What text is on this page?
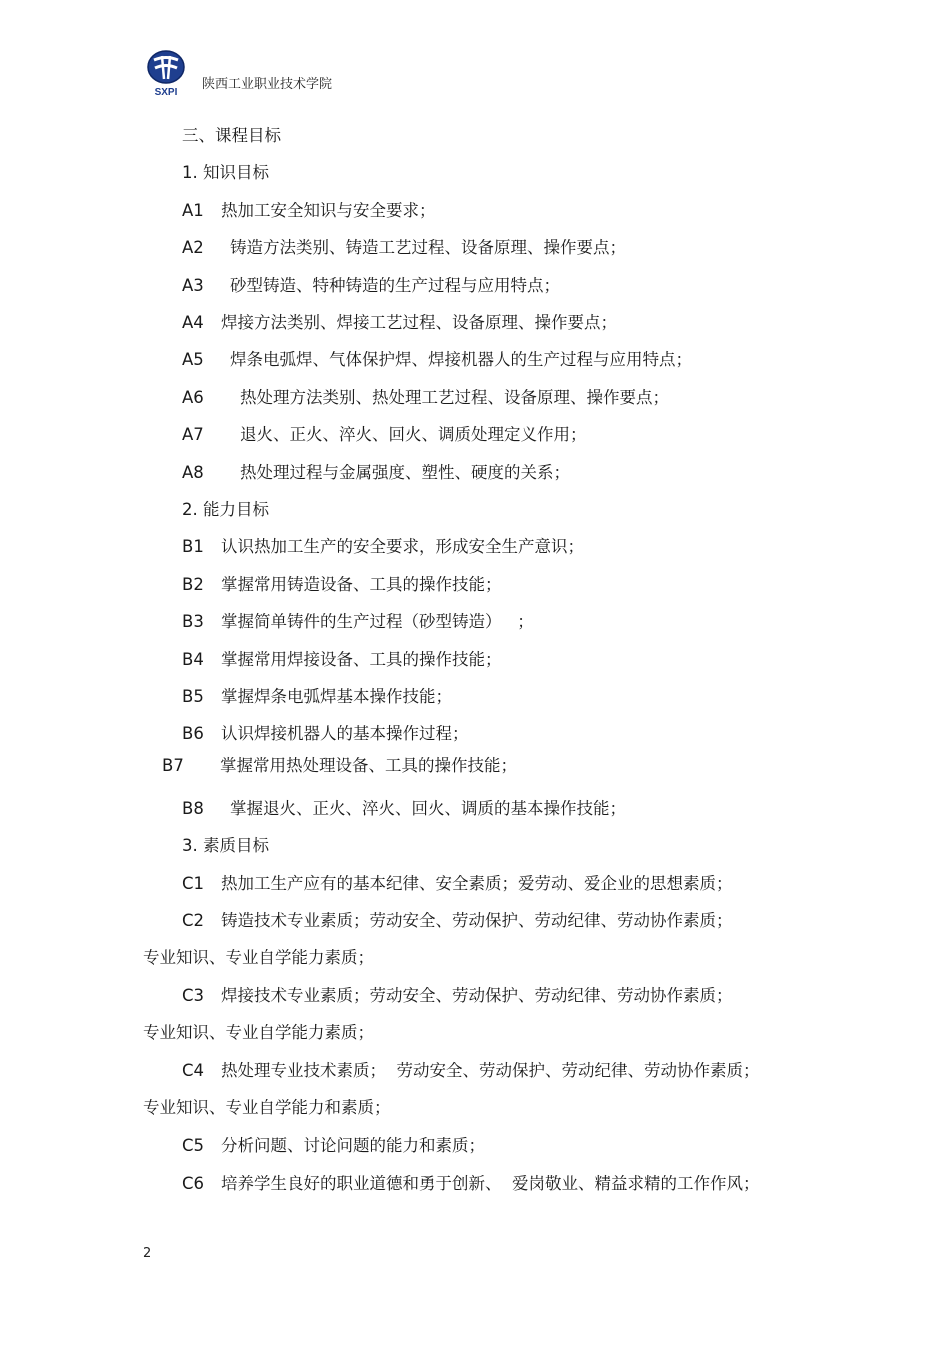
SXPI
陕西工业职业技术学院
三、课程目标
1. 知识目标
A1 热加工安全知识与安全要求；
A2 铸造方法类别、铸造工艺过程、设备原理、操作要点；
A3 砂型铸造、特种铸造的生产过程与应用特点；
A4 焊接方法类别、焊接工艺过程、设备原理、操作要点；
A5 焊条电弧焊、气体保护焊、焊接机器人的生产过程与应用特点；
A6 热处理方法类别、热处理工艺过程、设备原理、操作要点；
A7 退火、正火、淬火、回火、调质处理定义作用；
A8 热处理过程与金属强度、塑性、硬度的关系；
2. 能力目标
B1 认识热加工生产的安全要求，形成安全生产意识；
B2 掌握常用铸造设备、工具的操作技能；
B3 掌握简单铸件的生产过程（砂型铸造）   ；
B4 掌握常用焊接设备、工具的操作技能；
B5 掌握焊条电弧焊基本操作技能；
B6 认识焊接机器人的基本操作过程；
B7 掌握常用热处理设备、工具的操作技能；
B8 掌握退火、正火、淬火、回火、调质的基本操作技能；
3. 素质目标
C1 热加工生产应有的基本纪律、安全素质；爱劳动、爱企业的思想素质；
C2 铸造技术专业素质；劳动安全、劳动保护、劳动纪律、劳动协作素质；
专业知识、专业自学能力素质；
C3 焊接技术专业素质；劳动安全、劳动保护、劳动纪律、劳动协作素质；
专业知识、专业自学能力素质；
C4 热处理专业技术素质；  劳动安全、劳动保护、劳动纪律、劳动协作素质；
专业知识、专业自学能力和素质；
C5 分析问题、讨论问题的能力和素质；
C6 培养学生良好的职业道德和勇于创新、  爱岗敬业、精益求精的工作作风；
2
